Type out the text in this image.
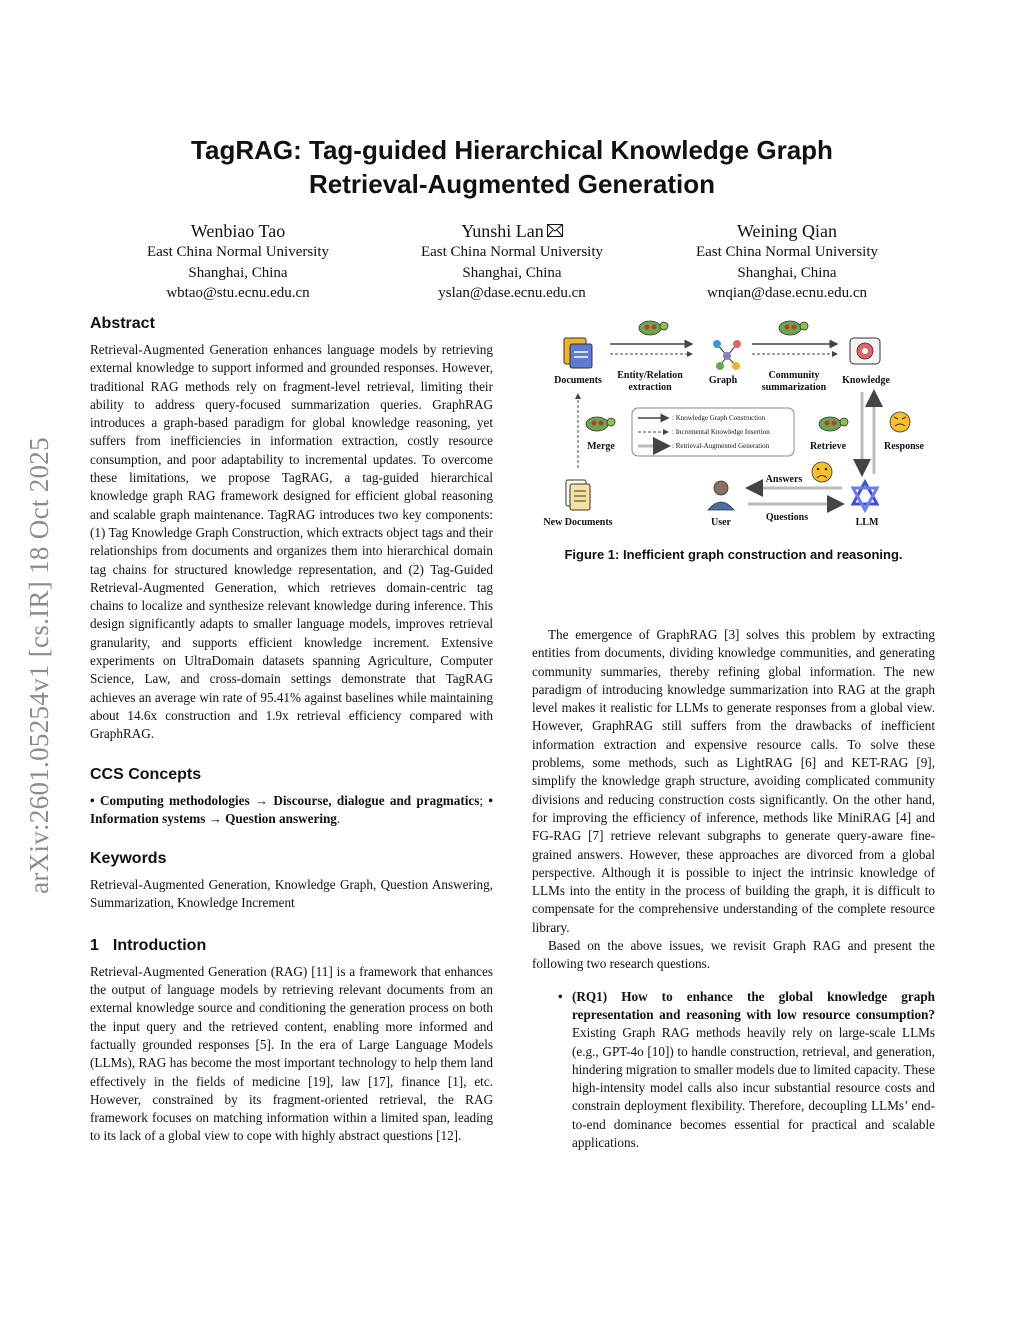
arXiv:2601.05254v1 [cs.IR] 18 Oct 2025
TagRAG: Tag-guided Hierarchical Knowledge Graph
Retrieval-Augmented Generation
Wenbiao Tao
East China Normal University
Shanghai, China
wbtao@stu.ecnu.edu.cn
Yunshi Lan
East China Normal University
Shanghai, China
yslan@dase.ecnu.edu.cn
Weining Qian
East China Normal University
Shanghai, China
wnqian@dase.ecnu.edu.cn
Abstract

Retrieval-Augmented Generation enhances language models by retrieving external knowledge to support informed and grounded responses. However, traditional RAG methods rely on fragment-level retrieval, limiting their ability to address query-focused summarization queries. GraphRAG introduces a graph-based paradigm for global knowledge reasoning, yet suffers from inefficiencies in information extraction, costly resource consumption, and poor adaptability to incremental updates. To overcome these limitations, we propose TagRAG, a tag-guided hierarchical knowledge graph RAG framework designed for efficient global reasoning and scalable graph maintenance. TagRAG introduces two key components: (1) Tag Knowledge Graph Construction, which extracts object tags and their relationships from documents and organizes them into hierarchical domain tag chains for structured knowledge representation, and (2) Tag-Guided Retrieval-Augmented Generation, which retrieves domain-centric tag chains to localize and synthesize relevant knowledge during inference. This design significantly adapts to smaller language models, improves retrieval granularity, and supports efficient knowledge increment. Extensive experiments on UltraDomain datasets spanning Agriculture, Computer Science, Law, and cross-domain settings demonstrate that TagRAG achieves an average win rate of 95.41% against baselines while maintaining about 14.6x construction and 1.9x retrieval efficiency compared with GraphRAG.

CCS Concepts

• Computing methodologies → Discourse, dialogue and pragmatics; • Information systems → Question answering.

Keywords

Retrieval-Augmented Generation, Knowledge Graph, Question Answering, Summarization, Knowledge Increment

1 Introduction

Retrieval-Augmented Generation (RAG) [11] is a framework that enhances the output of language models by retrieving relevant documents from an external knowledge source and conditioning the generation process on both the input query and the retrieved content, enabling more informed and factually grounded responses [5]. In the era of Large Language Models (LLMs), RAG has become the most important technology to help them land effectively in the fields of medicine [19], law [17], finance [1], etc. However, constrained by its fragment-oriented retrieval, the RAG framework focuses on matching information within a limited span, leading to its lack of a global view to cope with highly abstract questions [12].

Documents Entity/Relation
extraction
Graph	Community
summarization
Knowledge
Merge
: Knowledge Graph Construction
: Incremental Knowledge Insertion
: Retrieval-Augmented Generation	Retrieve	Response
New Documents	User
Answers
Questions	LLM
Figure 1: Inefficient graph construction and reasoning.

The emergence of GraphRAG [3] solves this problem by extracting entities from documents, dividing knowledge communities, and generating community summaries, thereby refining global information. The new paradigm of introducing knowledge summarization into RAG at the graph level makes it realistic for LLMs to generate responses from a global view. However, GraphRAG still suffers from the drawbacks of inefficient information extraction and expensive resource calls. To solve these problems, some methods, such as LightRAG [6] and KET-RAG [9], simplify the knowledge graph structure, avoiding complicated community divisions and reducing construction costs significantly. On the other hand, for improving the efficiency of inference, methods like MiniRAG [4] and FG-RAG [7] retrieve relevant subgraphs to generate query-aware fine-grained answers. However, these approaches are divorced from a global perspective. Although it is possible to inject the intrinsic knowledge of LLMs into the entity in the process of building the graph, it is difficult to compensate for the comprehensive understanding of the complete resource library.

Based on the above issues, we revisit Graph RAG and present the following two research questions.

• (RQ1) How to enhance the global knowledge graph representation and reasoning with low resource consumption? Existing Graph RAG methods heavily rely on large-scale LLMs (e.g., GPT-4o [10]) to handle construction, retrieval, and generation, hindering migration to smaller models due to limited capacity. These high-intensity model calls also incur substantial resource costs and constrain deployment flexibility. Therefore, decoupling LLMs’ end-to-end dominance becomes essential for practical and scalable applications.
